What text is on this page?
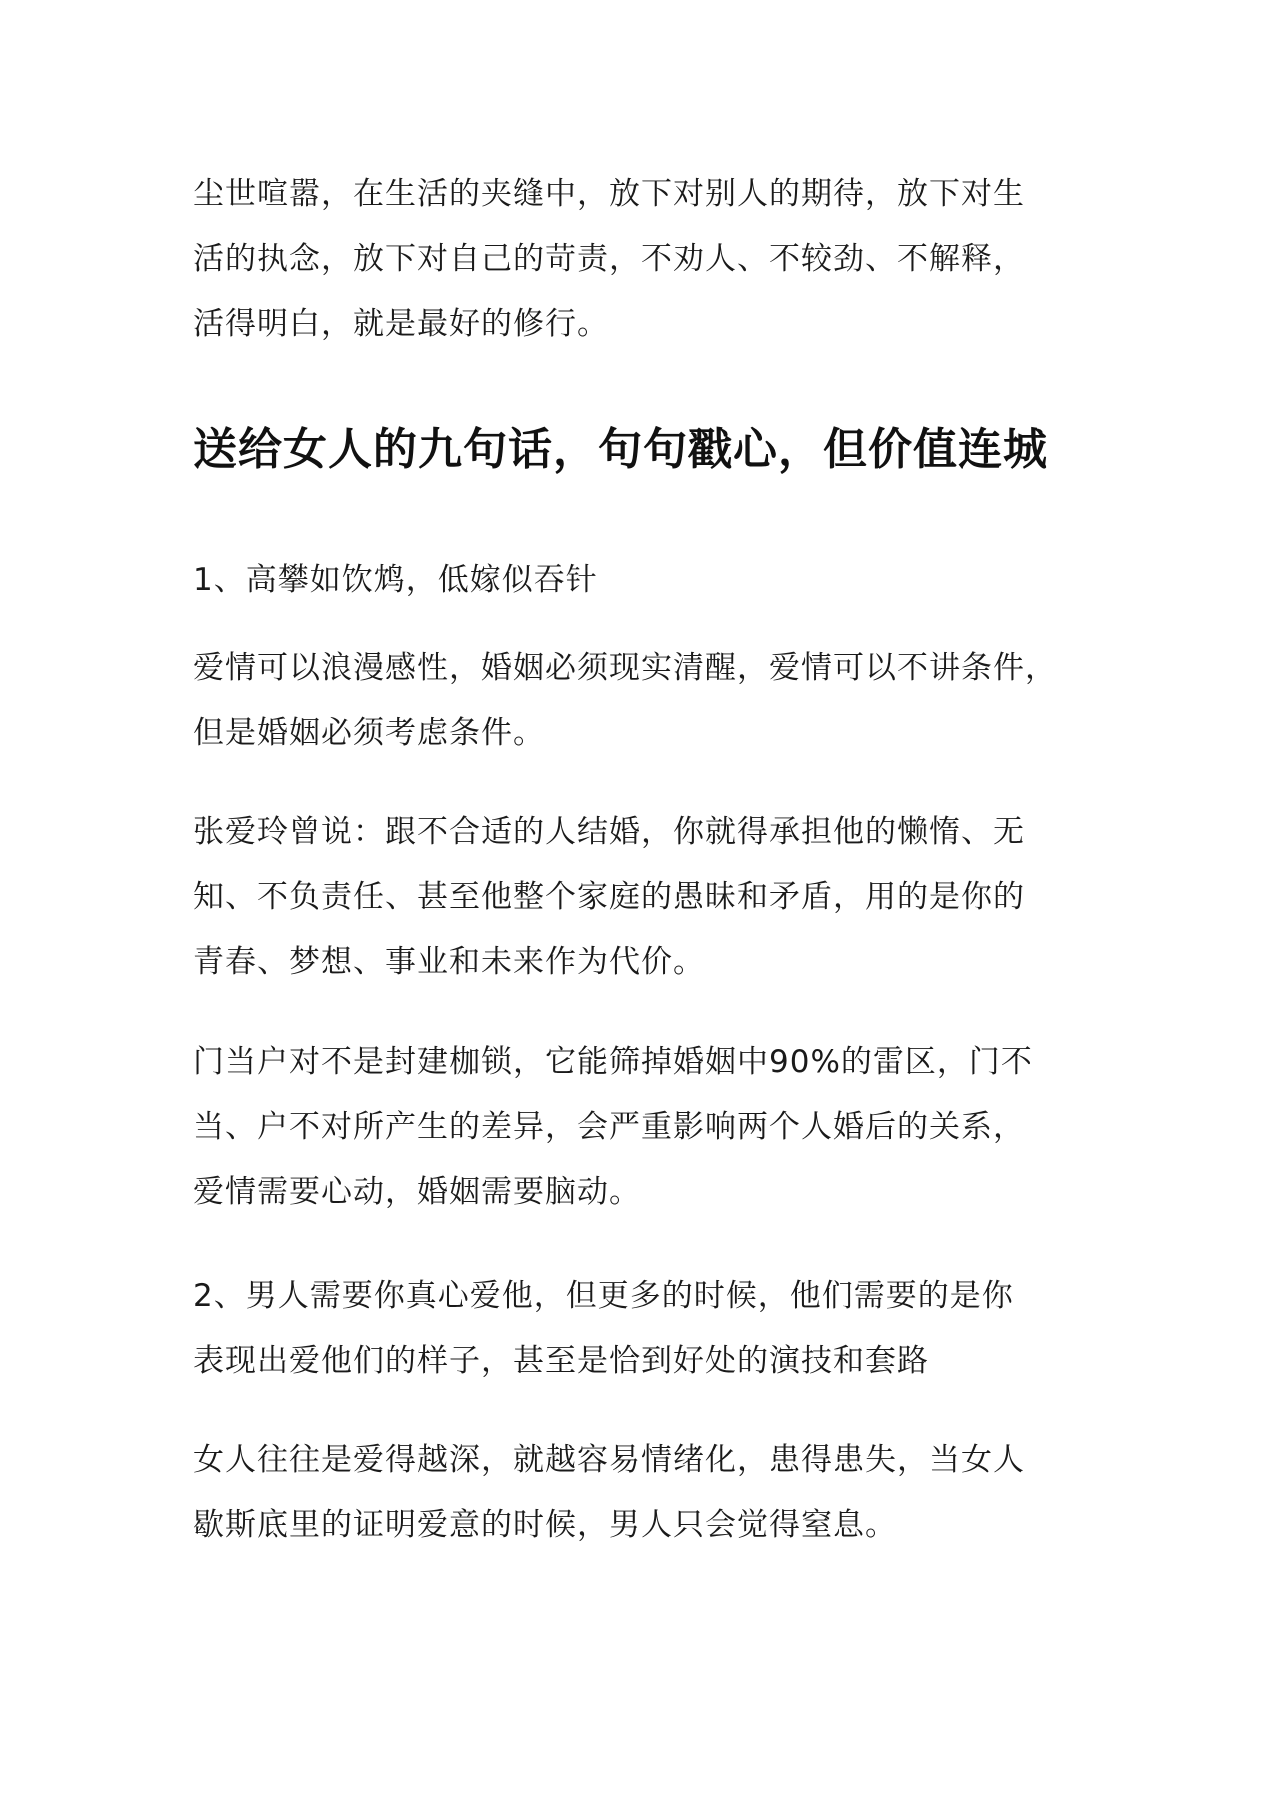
尘世喧嚣，在生活的夹缝中，放下对别人的期待，放下对生
活的执念，放下对自己的苛责，不劝人、不较劲、不解释，
活得明白，就是最好的修行。

送给女人的九句话，句句戳心，但价值连城

1、高攀如饮鸩，低嫁似吞针

爱情可以浪漫感性，婚姻必须现实清醒，爱情可以不讲条件，
但是婚姻必须考虑条件。

张爱玲曾说：跟不合适的人结婚，你就得承担他的懒惰、无
知、不负责任、甚至他整个家庭的愚昧和矛盾，用的是你的
青春、梦想、事业和未来作为代价。

门当户对不是封建枷锁，它能筛掉婚姻中90%的雷区，门不
当、户不对所产生的差异，会严重影响两个人婚后的关系，
爱情需要心动，婚姻需要脑动。

2、男人需要你真心爱他，但更多的时候，他们需要的是你
表现出爱他们的样子，甚至是恰到好处的演技和套路

女人往往是爱得越深，就越容易情绪化，患得患失，当女人
歇斯底里的证明爱意的时候，男人只会觉得窒息。
